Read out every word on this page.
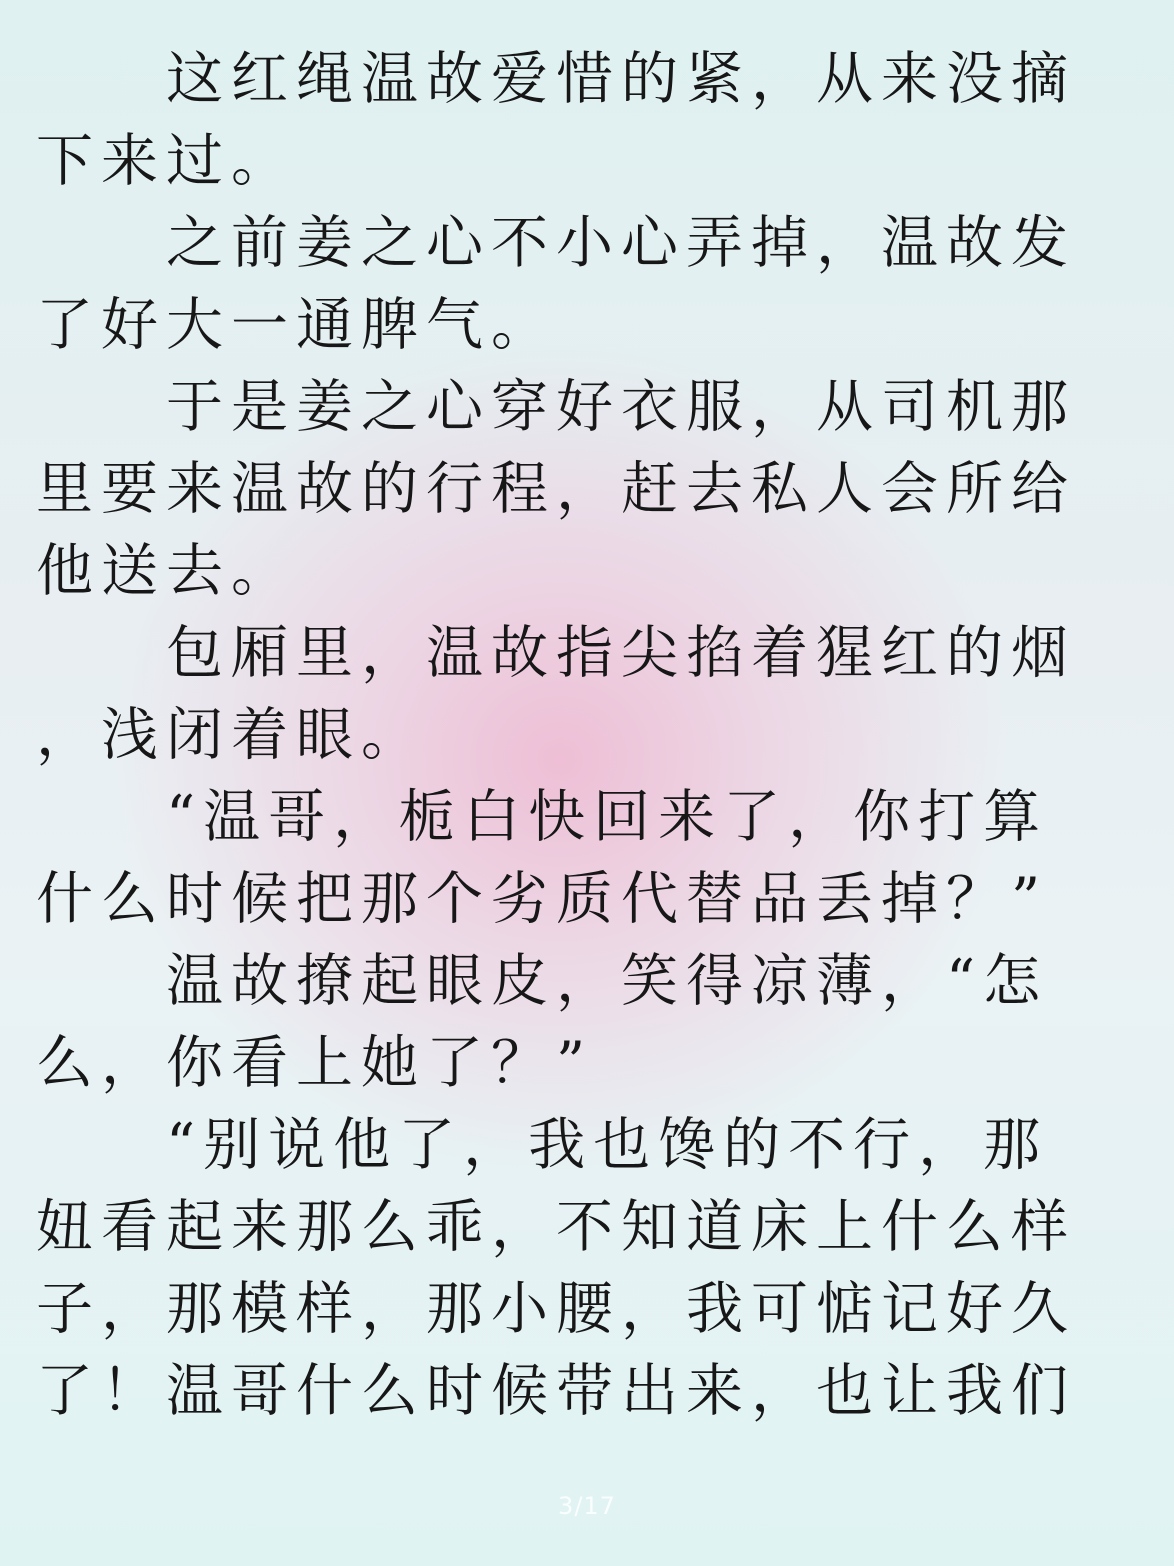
　　这红绳温故爱惜的紧，从来没摘
下来过。
　　之前姜之心不小心弄掉，温故发
了好大一通脾气。
　　于是姜之心穿好衣服，从司机那
里要来温故的行程，赶去私人会所给
他送去。
　　包厢里，温故指尖掐着猩红的烟
，浅闭着眼。
　　“温哥，栀白快回来了，你打算
什么时候把那个劣质代替品丢掉？”
　　温故撩起眼皮，笑得凉薄，“怎
么，你看上她了？”
　　“别说他了，我也馋的不行，那
妞看起来那么乖，不知道床上什么样
子，那模样，那小腰，我可惦记好久
了！温哥什么时候带出来，也让我们
3/17
